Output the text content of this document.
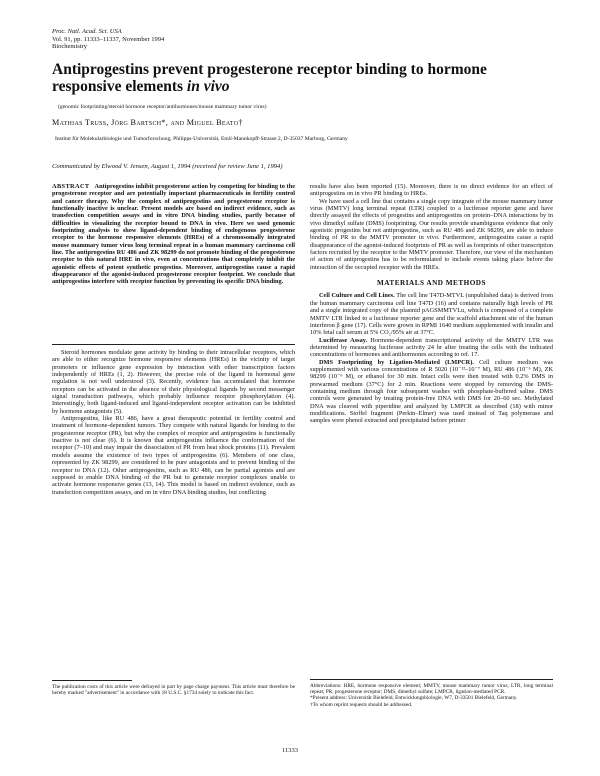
Proc. Natl. Acad. Sci. USA
Vol. 91, pp. 11333–11337, November 1994
Biochemistry
Antiprogestins prevent progesterone receptor binding to hormone responsive elements in vivo
(genomic footprinting/steroid hormone receptor/antihormones/mouse mammary tumor virus)
Mathias Truss, Jörg Bartsch*, and Miguel Beato†
Institut für Molekularbiologie und Tumorforschung, Philipps-Universität, Emil-Mannkopff-Strasse 2, D-35037 Marburg, Germany
Communicated by Elwood V. Jensen, August 1, 1994 (received for review June 1, 1994)

ABSTRACT Antiprogestins inhibit progesterone action by competing for binding to the progesterone receptor and are potentially important pharmaceuticals in fertility control and cancer therapy. Why the complex of antiprogestins and progesterone receptor is functionally inactive is unclear. Present models are based on indirect evidence, such as transfection competition assays and in vitro DNA binding studies, partly because of difficulties in visualizing the receptor bound to DNA in vivo. Here we used genomic footprinting analysis to show ligand-dependent binding of endogenous progesterone receptor to the hormone responsive elements (HREs) of a chromosomally integrated mouse mammary tumor virus long terminal repeat in a human mammary carcinoma cell line. The antiprogestins RU 486 and ZK 98299 do not promote binding of the progesterone receptor to this natural HRE in vivo, even at concentrations that completely inhibit the agonistic effects of potent synthetic progestins. Moreover, antiprogestins cause a rapid disappearance of the agonist-induced progesterone receptor footprint. We conclude that antiprogestins interfere with receptor function by preventing its specific DNA binding.

Steroid hormones modulate gene activity by binding to their intracellular receptors, which are able to either recognize hormone responsive elements (HREs) in the vicinity of target promoters or influence gene expression by interaction with other transcription factors independently of HREs (1, 2). However, the precise role of the ligand in hormonal gene regulation is not well understood (3). Recently, evidence has accumulated that hormone receptors can be activated in the absence of their physiological ligands by second messenger signal transduction pathways, which probably influence receptor phosphorylation (4). Interestingly, both ligand-induced and ligand-independent receptor activation can be inhibited by hormone antagonists (5).

Antiprogestins, like RU 486, have a great therapeutic potential in fertility control and treatment of hormone-dependent tumors. They compete with natural ligands for binding to the progesterone receptor (PR), but why the complex of receptor and antiprogestins is functionally inactive is not clear (6). It is known that antiprogestins influence the conformation of the receptor (7–10) and may impair the dissociation of PR from heat shock proteins (11). Prevalent models assume the existence of two types of antiprogestins (6). Members of one class, represented by ZK 98299, are considered to be pure antagonists and to prevent binding of the receptor to DNA (12). Other antiprogestins, such as RU 486, can be partial agonists and are supposed to enable DNA binding of the PR but to generate receptor complexes unable to activate hormone responsive genes (13, 14). This model is based on indirect evidence, such as transfection competition assays, and on in vitro DNA binding studies, but conflicting

The publication costs of this article were defrayed in part by page charge payment. This article must therefore be hereby marked "advertisement" in accordance with 18 U.S.C. §1734 solely to indicate this fact.

results have also been reported (15). Moreover, there is no direct evidence for an effect of antiprogestins on in vivo PR binding to HREs.

We have used a cell line that contains a single copy integrate of the mouse mammary tumor virus (MMTV) long terminal repeat (LTR) coupled to a luciferase reporter gene and have directly assayed the effects of progestins and antiprogestins on protein–DNA interactions by in vivo dimethyl sulfate (DMS) footprinting. Our results provide unambiguous evidence that only agonistic progestins but not antiprogestins, such as RU 486 and ZK 98299, are able to induce binding of PR to the MMTV promoter in vivo. Furthermore, antiprogestins cause a rapid disappearance of the agonist-induced footprints of PR as well as footprints of other transcription factors recruited by the receptor to the MMTV promoter. Therefore, our view of the mechanism of action of antiprogestins has to be reformulated to include events taking place before the interaction of the occupied receptor with the HREs.

MATERIALS AND METHODS

Cell Culture and Cell Lines. The cell line T47D-MTVL (unpublished data) is derived from the human mammary carcinoma cell line T47D (16) and contains naturally high levels of PR and a single integrated copy of the plasmid pAGSMMTVLu, which is composed of a complete MMTV LTR linked to a luciferase reporter gene and the scaffold attachment site of the human interferon β gene (17). Cells were grown in RPMI 1640 medium supplemented with insulin and 10% fetal calf serum at 5% CO₂/95% air at 37°C.

Luciferase Assay. Hormone-dependent transcriptional activity of the MMTV LTR was determined by measuring luciferase activity 24 hr after treating the cells with the indicated concentrations of hormones and antihormones according to ref. 17.

DMS Footprinting by Ligation-Mediated (LMPCR). Cell culture medium was supplemented with various concentrations of R 5020 (10⁻¹²–10⁻⁷ M), RU 486 (10⁻⁶ M), ZK 98299 (10⁻⁶ M), or ethanol for 30 min. Intact cells were then treated with 0.2% DMS in prewarmed medium (37°C) for 2 min. Reactions were stopped by removing the DMS-containing medium through four subsequent washes with phosphate-buffered saline. DMS controls were generated by treating protein-free DNA with DMS for 20–60 sec. Methylated DNA was cleaved with piperidine and analyzed by LMPCR as described (18) with minor modifications. Stoffel fragment (Perkin–Elmer) was used instead of Taq polymerase and samples were phenol extracted and precipitated before primer

Abbreviations: HRE, hormone responsive element; MMTV, mouse mammary tumor virus; LTR, long terminal repeat; PR, progesterone receptor; DMS, dimethyl sulfate; LMPCR, ligation-mediated PCR.

*Present address: Universität Bielefeld, Entwicklungsbiologie, W7, D-33501 Bielefeld, Germany.

†To whom reprint requests should be addressed.

11333
